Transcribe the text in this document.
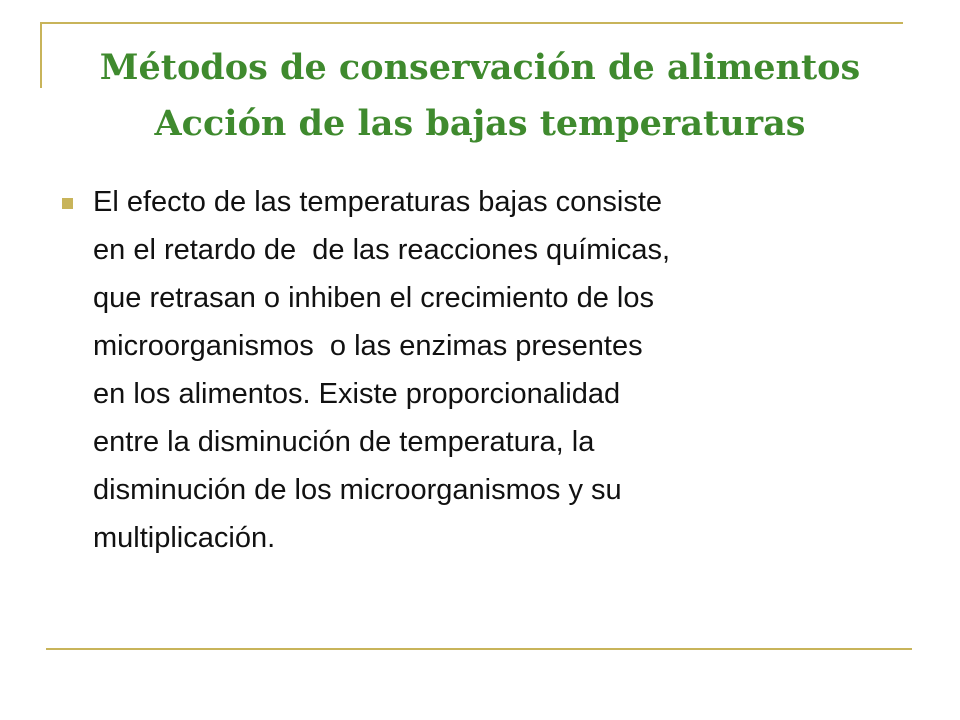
Métodos de conservación de alimentos
Acción de las bajas temperaturas
El efecto de las temperaturas bajas consiste
en el retardo de  de las reacciones químicas,
que retrasan o inhiben el crecimiento de los
microorganismos  o las enzimas presentes
en los alimentos. Existe proporcionalidad
entre la disminución de temperatura, la
disminución de los microorganismos y su
multiplicación.
